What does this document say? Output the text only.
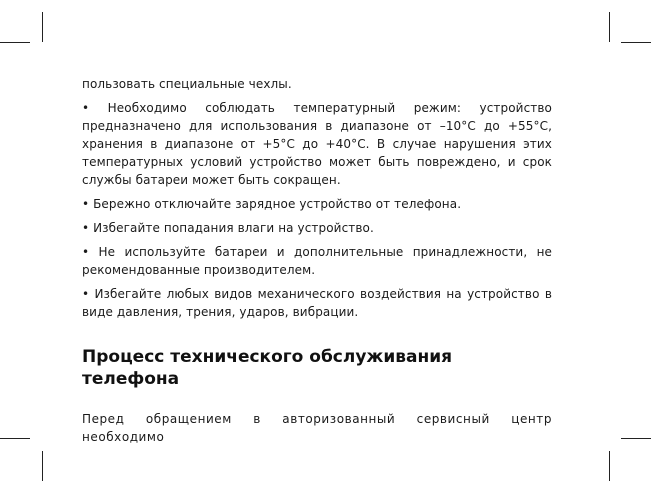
пользовать специальные чехлы.

• Необходимо соблюдать температурный режим: устройство предназначено для использования в диапазоне от –10°C до +55°C, хранения в диапазоне от +5°C до +40°C. В случае нарушения этих температурных условий устройство может быть повреждено, и срок службы батареи может быть сокращен.

• Бережно отключайте зарядное устройство от телефона.

• Избегайте попадания влаги на устройство.

• Не используйте батареи и дополнительные принадлежности, не рекомендованные производителем.

• Избегайте любых видов механического воздействия на устройство в виде давления, трения, ударов, вибрации.

Процесс технического обслуживания телефона

Перед обращением в авторизованный сервисный центр необходимо
